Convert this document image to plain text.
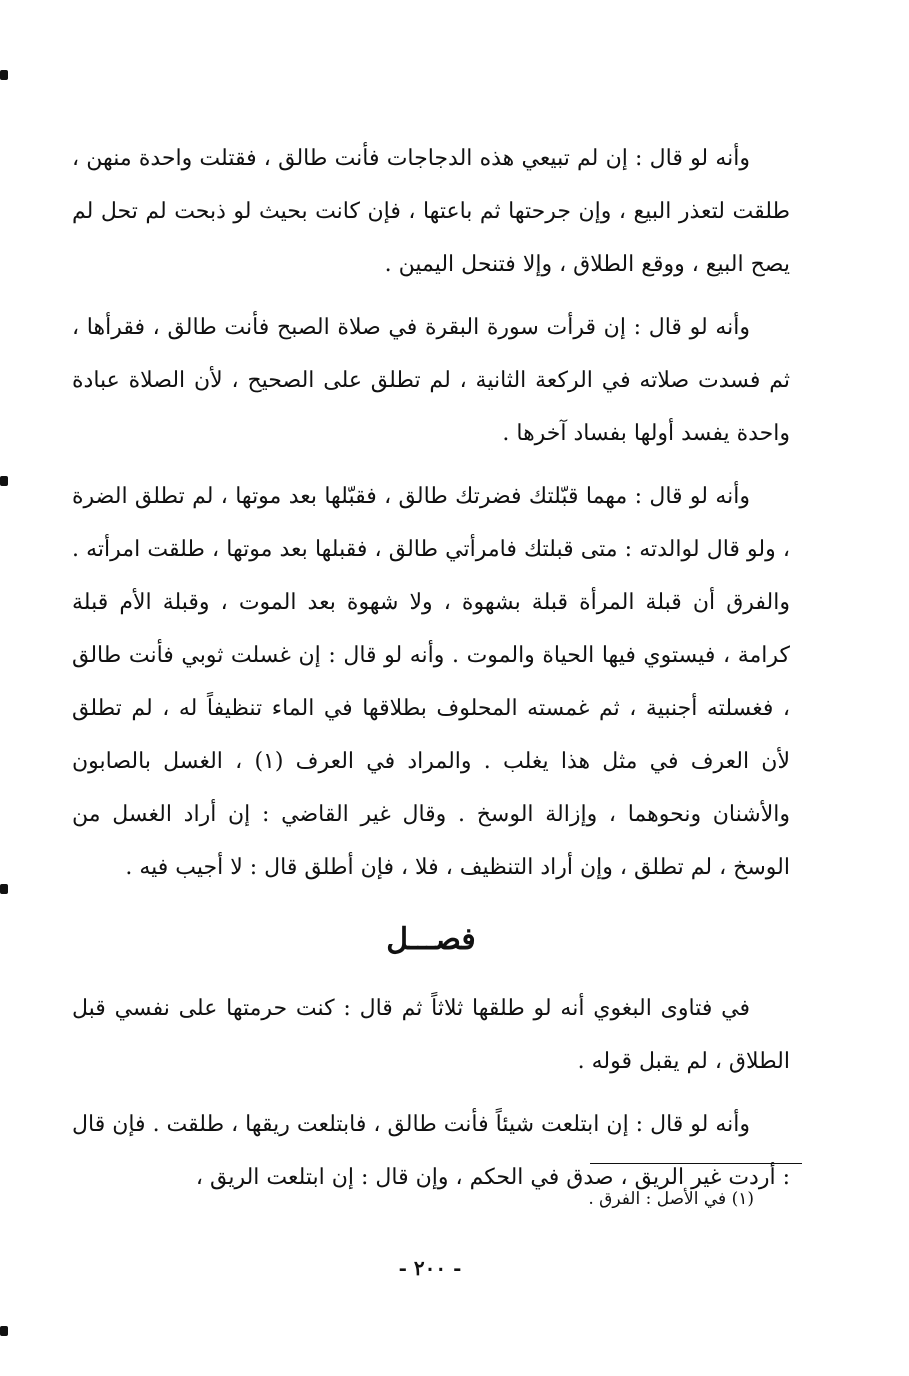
وأنه لو قال : إن لم تبيعي هذه الدجاجات فأنت طالق ، فقتلت واحدة منهن ، طلقت لتعذر البيع ، وإن جرحتها ثم باعتها ، فإن كانت بحيث لو ذبحت لم تحل لم يصح البيع ، ووقع الطلاق ، وإلا فتنحل اليمين .

وأنه لو قال : إن قرأت سورة البقرة في صلاة الصبح فأنت طالق ، فقرأها ، ثم فسدت صلاته في الركعة الثانية ، لم تطلق على الصحيح ، لأن الصلاة عبادة واحدة يفسد أولها بفساد آخرها .

وأنه لو قال : مهما قبّلتك فضرتك طالق ، فقبّلها بعد موتها ، لم تطلق الضرة ، ولو قال لوالدته : متى قبلتك فامرأتي طالق ، فقبلها بعد موتها ، طلقت امرأته . والفرق أن قبلة المرأة قبلة بشهوة ، ولا شهوة بعد الموت ، وقبلة الأم قبلة كرامة ، فيستوي فيها الحياة والموت . وأنه لو قال : إن غسلت ثوبي فأنت طالق ، فغسلته أجنبية ، ثم غمسته المحلوف بطلاقها في الماء تنظيفاً له ، لم تطلق لأن العرف في مثل هذا يغلب . والمراد في العرف (١) ، الغسل بالصابون والأشنان ونحوهما ، وإزالة الوسخ . وقال غير القاضي : إن أراد الغسل من الوسخ ، لم تطلق ، وإن أراد التنظيف ، فلا ، فإن أطلق قال : لا أجيب فيه .

فصـــل

في فتاوى البغوي أنه لو طلقها ثلاثاً ثم قال : كنت حرمتها على نفسي قبل الطلاق ، لم يقبل قوله .

وأنه لو قال : إن ابتلعت شيئاً فأنت طالق ، فابتلعت ريقها ، طلقت . فإن قال : أردت غير الريق ، صدق في الحكم ، وإن قال : إن ابتلعت الريق ،

(١) في الأصل : الفرق .
- ٢٠٠ -
